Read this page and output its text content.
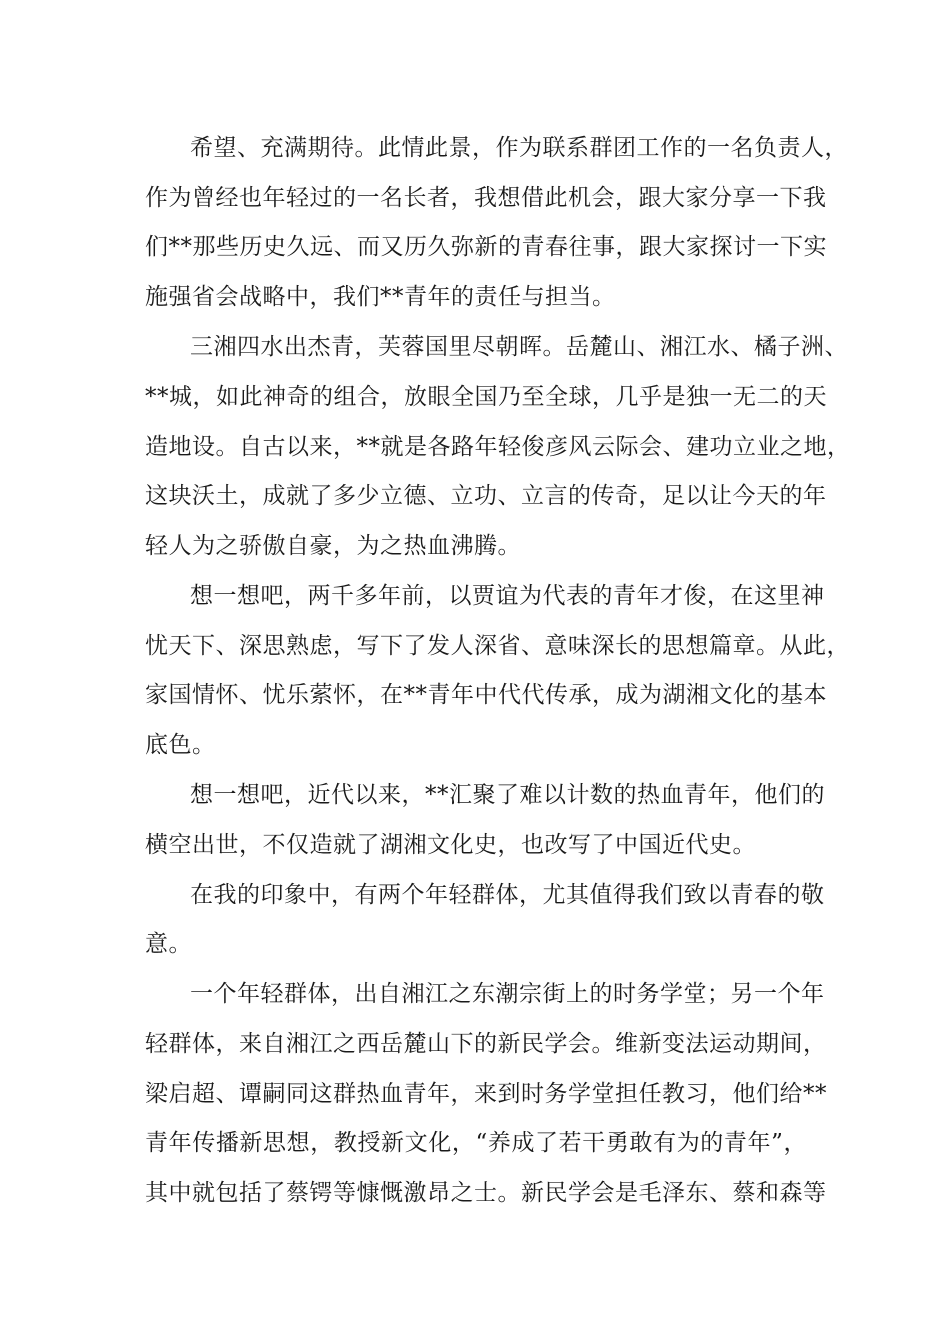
希望、充满期待。此情此景，作为联系群团工作的一名负责人，

作为曾经也年轻过的一名长者，我想借此机会，跟大家分享一下我

们**那些历史久远、而又历久弥新的青春往事，跟大家探讨一下实

施强省会战略中，我们**青年的责任与担当。

三湘四水出杰青，芙蓉国里尽朝晖。岳麓山、湘江水、橘子洲、

**城，如此神奇的组合，放眼全国乃至全球，几乎是独一无二的天

造地设。自古以来，**就是各路年轻俊彦风云际会、建功立业之地，

这块沃土，成就了多少立德、立功、立言的传奇，足以让今天的年

轻人为之骄傲自豪，为之热血沸腾。

想一想吧，两千多年前，以贾谊为代表的青年才俊，在这里神

忧天下、深思熟虑，写下了发人深省、意味深长的思想篇章。从此，

家国情怀、忧乐萦怀，在**青年中代代传承，成为湖湘文化的基本

底色。

想一想吧，近代以来，**汇聚了难以计数的热血青年，他们的

横空出世，不仅造就了湖湘文化史，也改写了中国近代史。

在我的印象中，有两个年轻群体，尤其值得我们致以青春的敬

意。

一个年轻群体，出自湘江之东潮宗街上的时务学堂；另一个年

轻群体，来自湘江之西岳麓山下的新民学会。维新变法运动期间，

梁启超、谭嗣同这群热血青年，来到时务学堂担任教习，他们给**

青年传播新思想，教授新文化，“养成了若干勇敢有为的青年”，

其中就包括了蔡锷等慷慨激昂之士。新民学会是毛泽东、蔡和森等
